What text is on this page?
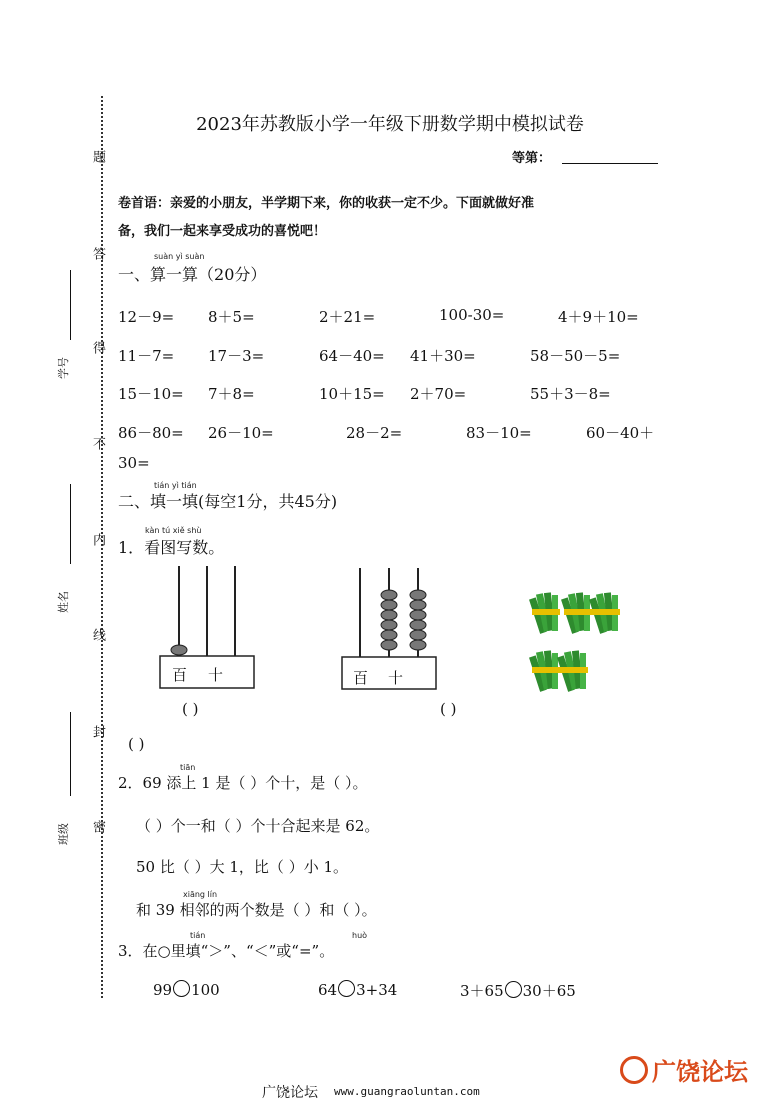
题
答
得
不
内
线
封
密
学号
姓名
班级
2023年苏教版小学一年级下册数学期中模拟试卷
等第：
卷首语：亲爱的小朋友，半学期下来，你的收获一定不少。下面就做好准
备，我们一起来享受成功的喜悦吧！
suàn yì suàn
一、算一算（20分）
12－9= 8＋5=	2＋21=	100-30=	4＋9＋10=
11－7= 17－3=	64－40= 41＋30=	58－50－5=
15－10= 7＋8=	10＋15= 2＋70=	55＋3－8=
86－80= 26－10=	28－2=	83－10=	60－40＋
30=
tián yì tián
二、填一填(每空1分，共45分)
kàn tú xiě shù
1．看图写数。
百 十	百 十
( )	( )
( )
tiān
2．69 添上 1 是（ ）个十，是（ ）。
（ ）个一和（ ）个十合起来是 62。
50 比（ ）大 1，比（ ）小 1。
xiāng lín
和 39 相邻的两个数是（ ）和（ ）。
tián	huò
3．在○里填“＞”、“＜”或“=”。
99 100	64 3+34	3＋65 30＋65
广饶论坛 www.guangraoluntan.com
广饶论坛
